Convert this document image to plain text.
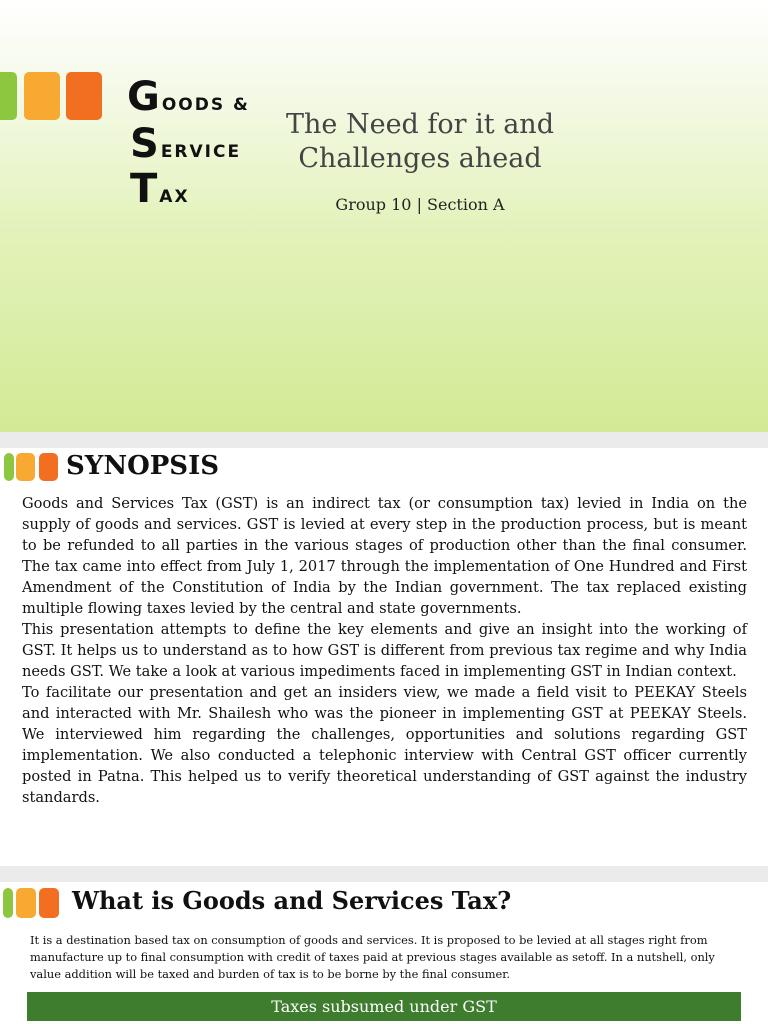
GOODS &
SERVICE
TAX
The Need for it and
Challenges ahead
Group 10 | Section A
SYNOPSIS

Goods and Services Tax (GST) is an indirect tax (or consumption tax) levied in India on the supply of goods and services. GST is levied at every step in the production process, but is meant to be refunded to all parties in the various stages of production other than the final consumer. The tax came into effect from July 1, 2017 through the implementation of One Hundred and First Amendment of the Constitution of India by the Indian government. The tax replaced existing multiple flowing taxes levied by the central and state governments.

This presentation attempts to define the key elements and give an insight into the working of GST. It helps us to understand as to how GST is different from previous tax regime and why India needs GST. We take a look at various impediments faced in implementing GST in Indian context.

To facilitate our presentation and get an insiders view, we made a field visit to PEEKAY Steels and interacted with Mr. Shailesh who was the pioneer in implementing GST at PEEKAY Steels. We interviewed him regarding the challenges, opportunities and solutions regarding GST implementation. We also conducted a telephonic interview with Central GST officer currently posted in Patna. This helped us to verify theoretical understanding of GST against the industry standards.

What is Goods and Services Tax?
It is a destination based tax on consumption of goods and services. It is proposed to be levied at all stages right from manufacture up to final consumption with credit of taxes paid at previous stages available as setoff. In a nutshell, only value addition will be taxed and burden of tax is to be borne by the final consumer.
Taxes subsumed under GST
